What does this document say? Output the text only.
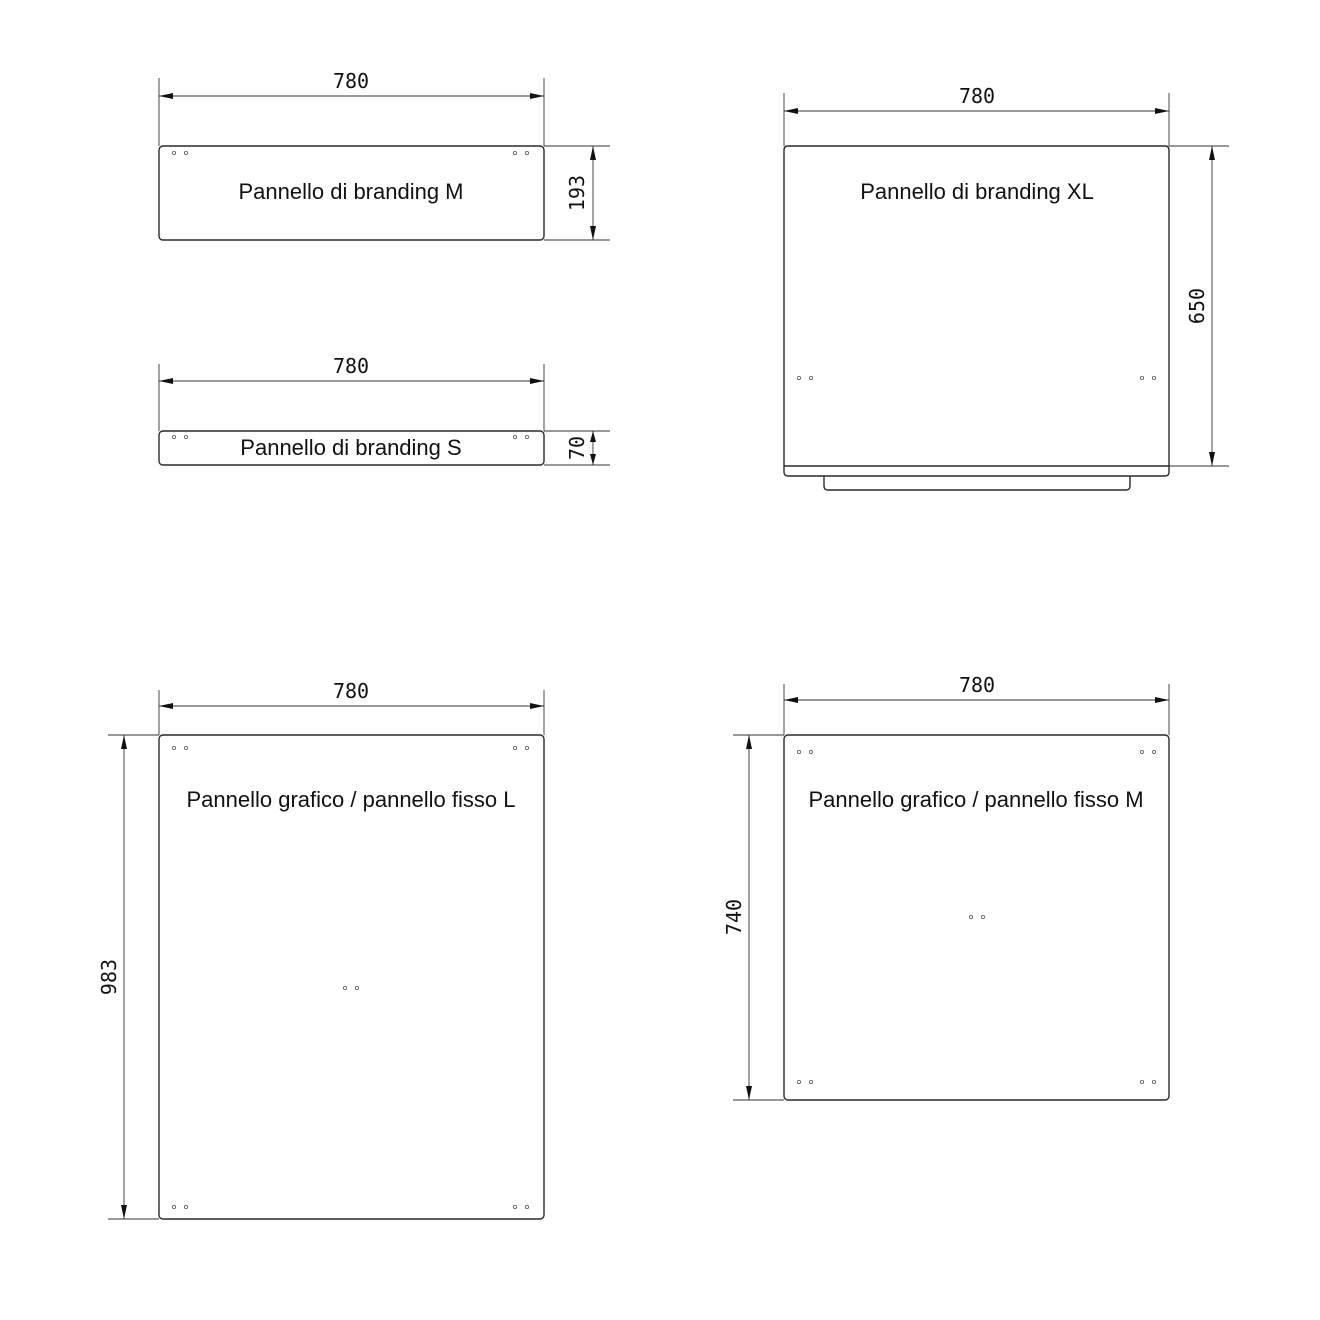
Pannello di branding M
780
193
Pannello di branding S
780
70
Pannello di branding XL
780
650
Pannello grafico / pannello fisso L
780
983
Pannello grafico / pannello fisso M
780
740
